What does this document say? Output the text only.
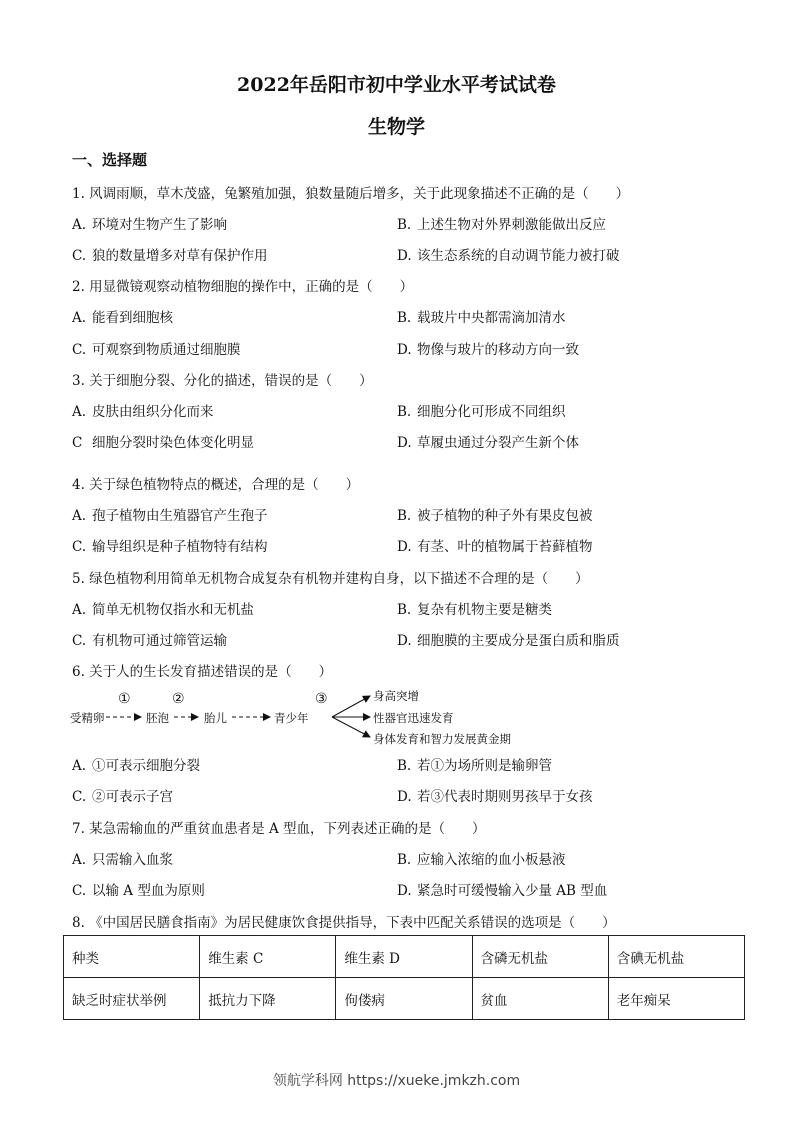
2022年岳阳市初中学业水平考试试卷
生物学
一、选择题
1. 风调雨顺，草木茂盛，兔繁殖加强，狼数量随后增多，关于此现象描述不正确的是（　　）
A. 环境对生物产生了影响	B. 上述生物对外界刺激能做出反应
C. 狼的数量增多对草有保护作用	D. 该生态系统的自动调节能力被打破
2. 用显微镜观察动植物细胞的操作中，正确的是（　　）
A. 能看到细胞核	B. 载玻片中央都需滴加清水
C. 可观察到物质通过细胞膜	D. 物像与玻片的移动方向一致
3. 关于细胞分裂、分化的描述，错误的是（　　）
A. 皮肤由组织分化而来	B. 细胞分化可形成不同组织
C 细胞分裂时染色体变化明显	D. 草履虫通过分裂产生新个体
4. 关于绿色植物特点的概述，合理的是（　　）
A. 孢子植物由生殖器官产生孢子	B. 被子植物的种子外有果皮包被
C. 输导组织是种子植物特有结构	D. 有茎、叶的植物属于苔藓植物
5. 绿色植物利用简单无机物合成复杂有机物并建构自身，以下描述不合理的是（　　）
A. 简单无机物仅指水和无机盐	B. 复杂有机物主要是糖类
C. 有机物可通过筛管运输	D. 细胞膜的主要成分是蛋白质和脂质
6. 关于人的生长发育描述错误的是（　　）
受精卵	胚泡	胎儿	青少年
①	②	③	身高突增
性器官迅速发育
身体发育和智力发展黄金期
A. ①可表示细胞分裂	B. 若①为场所则是输卵管
C. ②可表示子宫	D. 若③代表时期则男孩早于女孩
7. 某急需输血的严重贫血患者是 A 型血，下列表述正确的是（　　）
A. 只需输入血浆	B. 应输入浓缩的血小板悬液
C. 以输 A 型血为原则	D. 紧急时可缓慢输入少量 AB 型血
8. 《中国居民膳食指南》为居民健康饮食提供指导，下表中匹配关系错误的选项是（　　）
种类	维生素 C	维生素 D	含磷无机盐	含碘无机盐
缺乏时症状举例	抵抗力下降	佝偻病	贫血	老年痴呆
领航学科网 https://xueke.jmkzh.com
